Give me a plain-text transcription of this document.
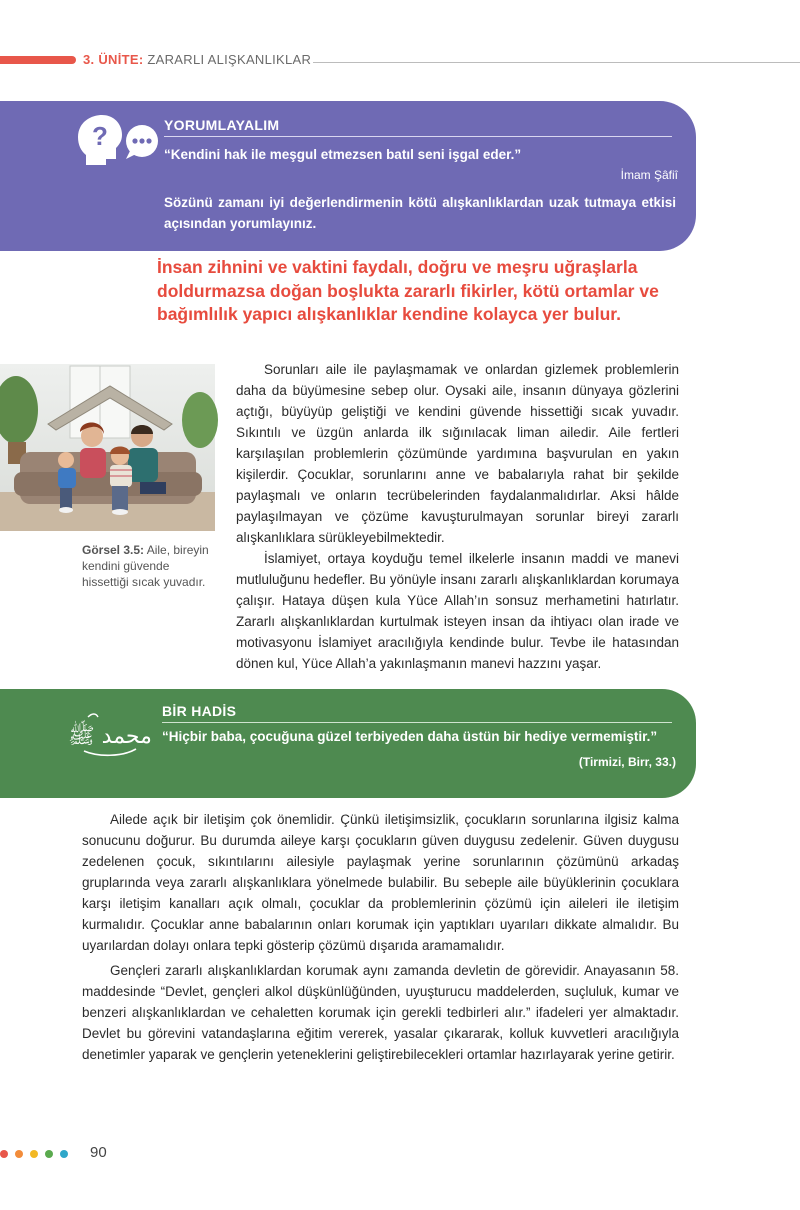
3. ÜNİTE: ZARARLI ALIŞKANLIKLAR
?	YORUMLAYALIM
“Kendini hak ile meşgul etmezsen batıl seni işgal eder.”
İmam Şâfiî
Sözünü zamanı iyi değerlendirmenin kötü alışkanlıklardan uzak tutmaya etkisi açısından yorumlayınız.
İnsan zihnini ve vaktini faydalı, doğru ve meşru uğraşlarla doldurmazsa doğan boşlukta zararlı fikirler, kötü ortamlar ve bağımlılık yapıcı alışkanlıklar kendine kolayca yer bulur.
Görsel 3.5: Aile, bireyin kendini güvende hissettiği sıcak yuvadır.

Sorunları aile ile paylaşmamak ve onlardan gizlemek problemlerin daha da büyümesine sebep olur. Oysaki aile, insanın dünyaya gözlerini açtığı, büyüyüp geliştiği ve kendini güvende hissettiği sıcak yuvadır. Sıkıntılı ve üzgün anlarda ilk sığınılacak liman ailedir. Aile fertleri karşılaşılan problemlerin çözümünde yardımına başvurulan en yakın kişilerdir. Çocuklar, sorunlarını anne ve babalarıyla rahat bir şekilde paylaşmalı ve onların tecrübelerinden faydalanmalıdırlar. Aksi hâlde paylaşılmayan ve çözüme kavuşturulmayan sorunlar bireyi zararlı alışkanlıklara sürükleyebilmektedir.

İslamiyet, ortaya koyduğu temel ilkelerle insanın maddi ve manevi mutluluğunu hedefler. Bu yönüyle insanı zararlı alışkanlıklardan korumaya çalışır. Hataya düşen kula Yüce Allah’ın sonsuz merhametini hatırlatır. Zararlı alışkanlıklardan kurtulmak isteyen insan da ihtiyacı olan irade ve motivasyonu İslamiyet aracılığıyla kendinde bulur. Tevbe ile hatasından dönen kul, Yüce Allah’a yakınlaşmanın manevi hazzını yaşar.

محمد ﷺ
BİR HADİS
“Hiçbir baba, çocuğuna güzel terbiyeden daha üstün bir hediye vermemiştir.”
(Tirmizi, Birr, 33.)

Ailede açık bir iletişim çok önemlidir. Çünkü iletişimsizlik, çocukların sorunlarına ilgisiz kalma sonucunu doğurur. Bu durumda aileye karşı çocukların güven duygusu zedelenir. Güven duygusu zedelenen çocuk, sıkıntılarını ailesiyle paylaşmak yerine sorunlarının çözümünü arkadaş gruplarında veya zararlı alışkanlıklara yönelmede bulabilir. Bu sebeple aile büyüklerinin çocuklara karşı iletişim kanalları açık olmalı, çocuklar da problemlerinin çözümü için aileleri ile iletişim kurmalıdır. Çocuklar anne babalarının onları korumak için yaptıkları uyarıları dikkate almalıdır. Bu uyarılardan dolayı onlara tepki gösterip çözümü dışarıda aramamalıdır.

Gençleri zararlı alışkanlıklardan korumak aynı zamanda devletin de görevidir. Anayasanın 58. maddesinde “Devlet, gençleri alkol düşkünlüğünden, uyuşturucu maddelerden, suçluluk, kumar ve benzeri alışkanlıklardan ve cehaletten korumak için gerekli tedbirleri alır.” ifadeleri yer almaktadır. Devlet bu görevini vatandaşlarına eğitim vererek, yasalar çıkararak, kolluk kuvvetleri aracılığıyla denetimler yaparak ve gençlerin yeteneklerini geliştirebilecekleri ortamlar hazırlayarak yerine getirir.

90
